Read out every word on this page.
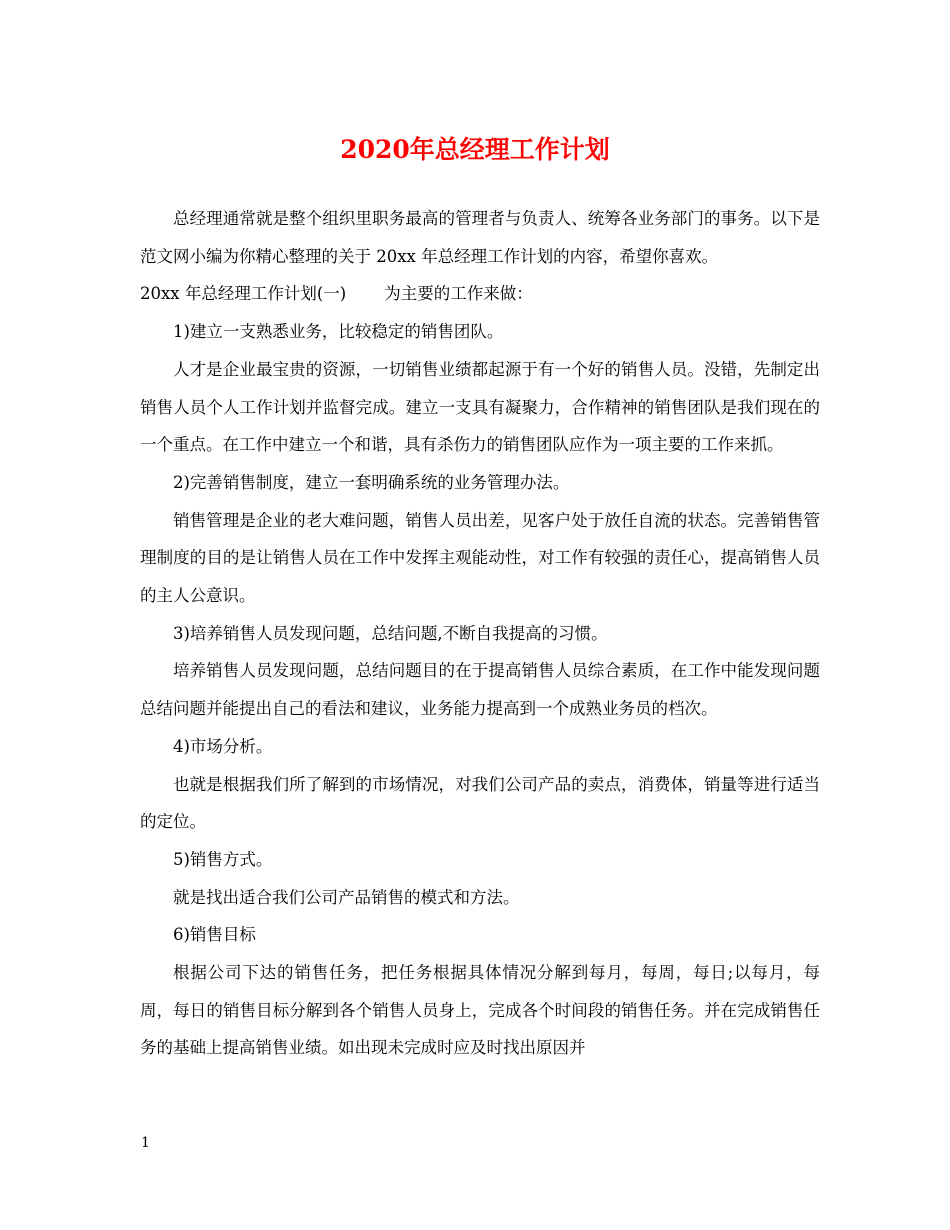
2020年总经理工作计划

总经理通常就是整个组织里职务最高的管理者与负责人、统筹各业务部门的事务。以下是范文网小编为你精心整理的关于 20xx 年总经理工作计划的内容，希望你喜欢。

20xx 年总经理工作计划(一) 为主要的工作来做：

1)建立一支熟悉业务，比较稳定的销售团队。

人才是企业最宝贵的资源，一切销售业绩都起源于有一个好的销售人员。没错，先制定出销售人员个人工作计划并监督完成。建立一支具有凝聚力，合作精神的销售团队是我们现在的一个重点。在工作中建立一个和谐，具有杀伤力的销售团队应作为一项主要的工作来抓。

2)完善销售制度，建立一套明确系统的业务管理办法。

销售管理是企业的老大难问题，销售人员出差，见客户处于放任自流的状态。完善销售管理制度的目的是让销售人员在工作中发挥主观能动性，对工作有较强的责任心，提高销售人员的主人公意识。

3)培养销售人员发现问题，总结问题,不断自我提高的习惯。

培养销售人员发现问题，总结问题目的在于提高销售人员综合素质，在工作中能发现问题总结问题并能提出自己的看法和建议，业务能力提高到一个成熟业务员的档次。

4)市场分析。

也就是根据我们所了解到的市场情况，对我们公司产品的卖点，消费体，销量等进行适当的定位。

5)销售方式。

就是找出适合我们公司产品销售的模式和方法。

6)销售目标

根据公司下达的销售任务，把任务根据具体情况分解到每月，每周，每日;以每月，每周，每日的销售目标分解到各个销售人员身上，完成各个时间段的销售任务。并在完成销售任务的基础上提高销售业绩。如出现未完成时应及时找出原因并

1
